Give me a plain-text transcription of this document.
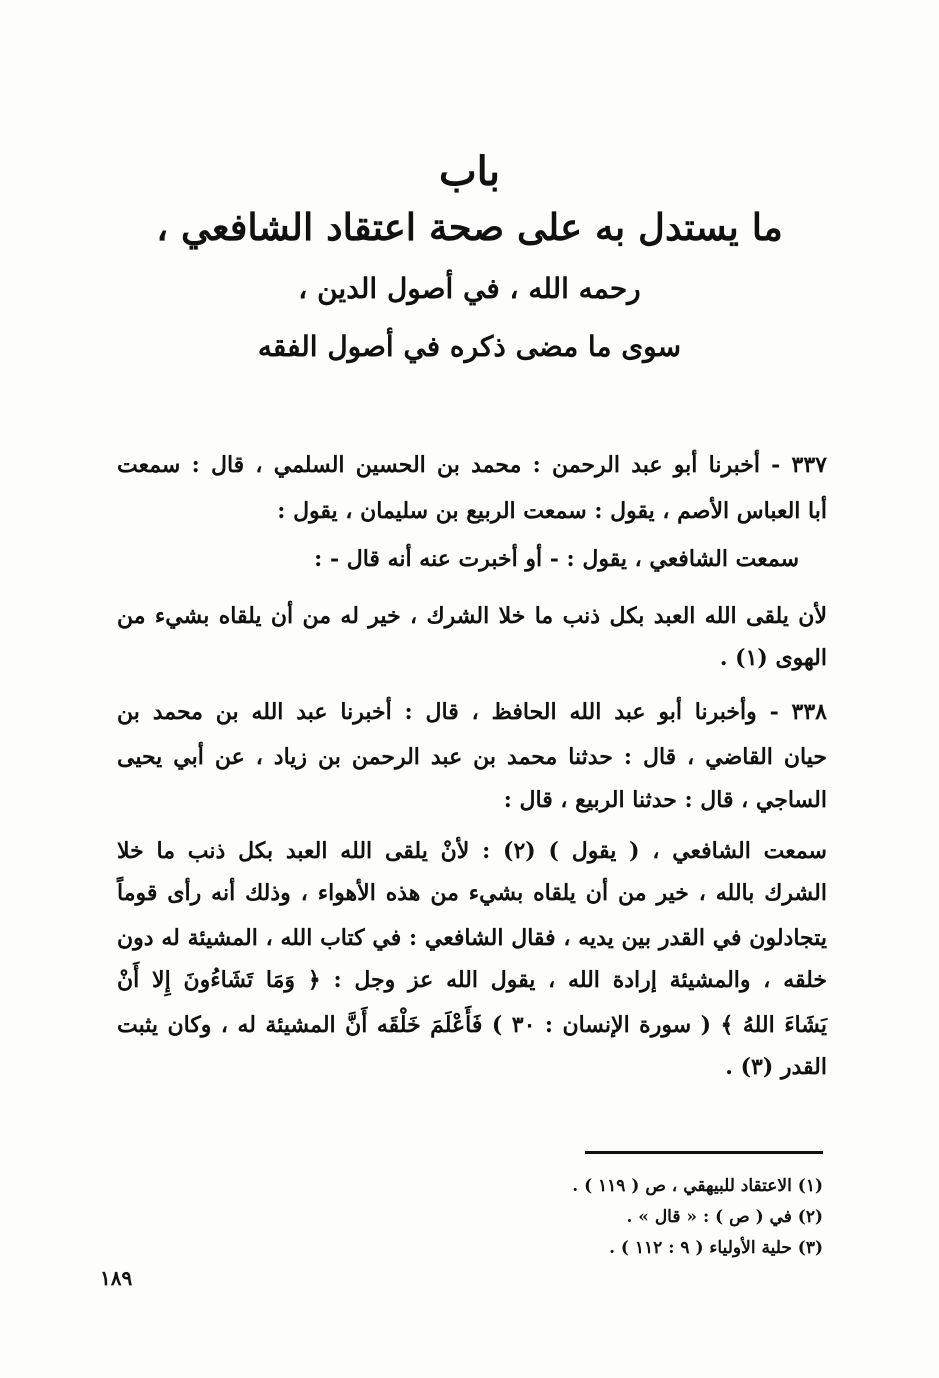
باب
ما يستدل به على صحة اعتقاد الشافعي ،
رحمه الله ، في أصول الدين ،
سوى ما مضى ذكره في أصول الفقه
٣٣٧ - أخبرنا أبو عبد الرحمن : محمد بن الحسين السلمي ، قال : سمعت
أبا العباس الأصم ، يقول : سمعت الربيع بن سليمان ، يقول :
سمعت الشافعي ، يقول : - أو أخبرت عنه أنه قال - :
لأن يلقى الله العبد بكل ذنب ما خلا الشرك ، خير له من أن يلقاه بشيء من
الهوى (١) .
٣٣٨ - وأخبرنا أبو عبد الله الحافظ ، قال : أخبرنا عبد الله بن محمد بن
حيان القاضي ، قال : حدثنا محمد بن عبد الرحمن بن زياد ، عن أبي يحيى
الساجي ، قال : حدثنا الربيع ، قال :
سمعت الشافعي ، ( يقول ) (٢) : لأنْ يلقى الله العبد بكل ذنب ما خلا
الشرك بالله ، خير من أن يلقاه بشيء من هذه الأهواء ، وذلك أنه رأى قوماً
يتجادلون في القدر بين يديه ، فقال الشافعي : في كتاب الله ، المشيئة له دون
خلقه ، والمشيئة إرادة الله ، يقول الله عز وجل : ﴿ وَمَا تَشَاءُونَ إِلا أَنْ
يَشَاءَ اللهُ ﴾ ( سورة الإنسان : ٣٠ ) فَأَعْلَمَ خَلْقَه أَنَّ المشيئة له ، وكان يثبت
القدر (٣) .
(١) الاعتقاد للبيهقي ، ص ( ١١٩ ) .
(٢) في ( ص ) : « قال » .
(٣) حلية الأولياء ( ٩ : ١١٢ ) .
١٨٩
